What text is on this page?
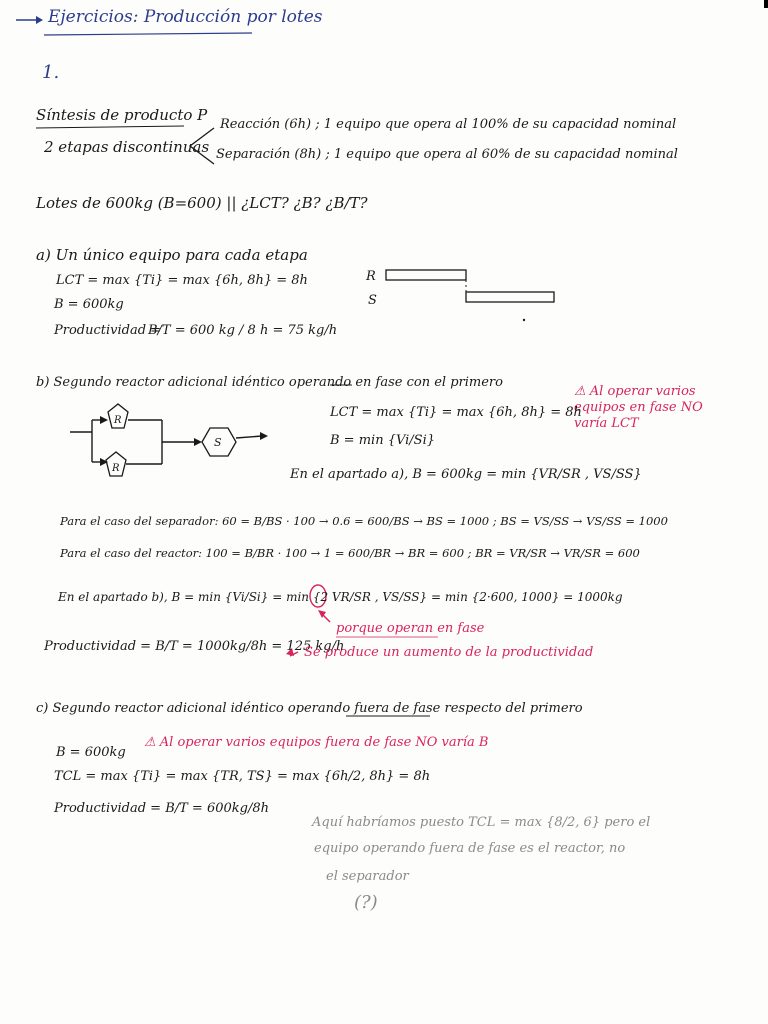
Ejercicios: Producción por lotes
1.
Síntesis de producto P
2 etapas discontinuas
Reacción (6h) ; 1 equipo que opera al 100% de su capacidad nominal
Separación (8h) ; 1 equipo que opera al 60% de su capacidad nominal
Lotes de 600kg (B=600) || ¿LCT? ¿B? ¿B/T?
a) Un único equipo para cada etapa
LCT = max {Ti} = max {6h, 8h} = 8h
B = 600kg
Productividad =
B/T = 600 kg / 8 h = 75 kg/h
R
S
b) Segundo reactor adicional idéntico operando en fase con el primero
⚠ Al operar varios equipos en fase NO varía LCT
LCT = max {Ti} = max {6h, 8h} = 8h
B = min {Vi/Si}
R
R
S
En el apartado a), B = 600kg = min {VR/SR , VS/SS}
Para el caso del separador: 60 = B/BS · 100 → 0.6 = 600/BS → BS = 1000 ; BS = VS/SS → VS/SS = 1000
Para el caso del reactor: 100 = B/BR · 100 → 1 = 600/BR → BR = 600 ; BR = VR/SR → VR/SR = 600
En el apartado b), B = min {Vi/Si} = min {2 VR/SR , VS/SS} = min {2·600, 1000} = 1000kg
porque operan en fase
Productividad = B/T = 1000kg/8h = 125 kg/h
Se produce un aumento de la productividad
c) Segundo reactor adicional idéntico operando fuera de fase respecto del primero
B = 600kg
⚠ Al operar varios equipos fuera de fase NO varía B
TCL = max {Ti} = max {TR, TS} = max {6h/2, 8h} = 8h
Productividad = B/T = 600kg/8h
Aquí habríamos puesto TCL = max {8/2, 6} pero el
equipo operando fuera de fase es el reactor, no
el separador
(?)
